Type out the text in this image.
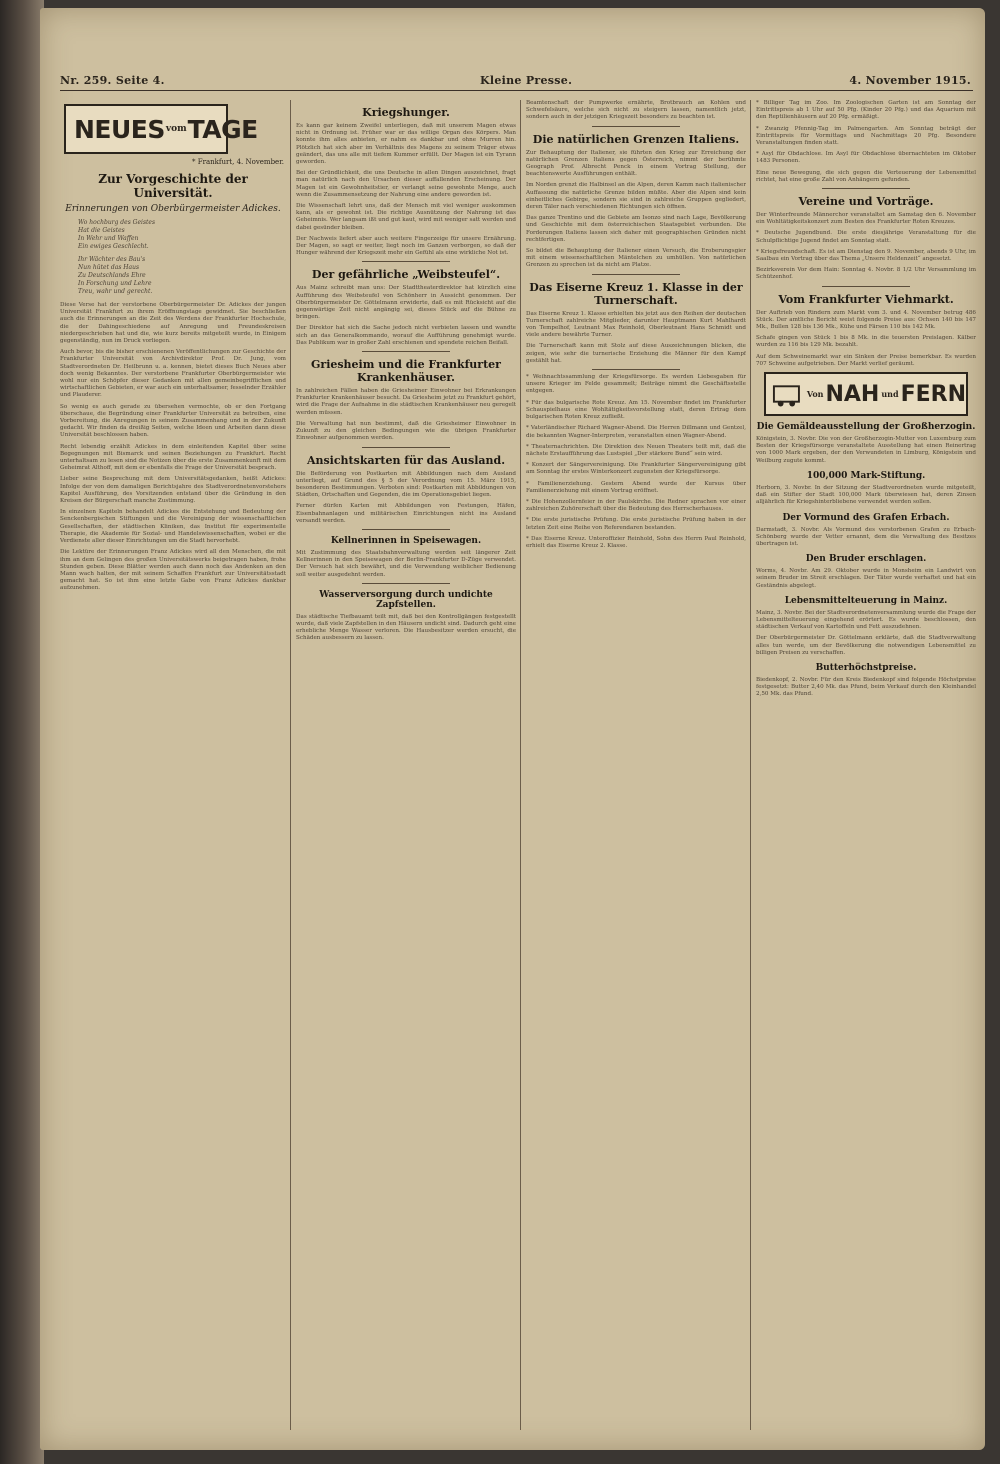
Nr. 259. Seite 4.	Kleine Presse.	4. November 1915.
NEUES vom TAGE
* Frankfurt, 4. November.
Zur Vorgeschichte der Universität.
Erinnerungen von Oberbürgermeister Adickes.
Wo hochburg des Geistes
Hat die Geistes
In Wehr und Waffen
Ein ewiges Geschlecht.
Ihr Wächter des Bau's
Nun hütet das Haus
Zu Deutschlands Ehre
In Forschung und Lehre
Treu, wahr und gerecht.

Diese Verse hat der verstorbene Oberbürgermeister Dr. Adickes der jungen Universität Frankfurt zu ihrem Eröffnungstage gewidmet. Sie beschließen auch die Erinnerungen an die Zeit des Werdens der Frankfurter Hochschule, die der Dahingeschiedene auf Anregung und Freundeskreisen niedergeschrieben hat und die, wie kurz bereits mitgeteilt wurde, in Einigem gegenständig, nun im Druck vorliegen.

Auch bevor, bis die bisher erschienenen Veröffentlichungen zur Geschichte der Frankfurter Universität von Archivdirektor Prof. Dr. Jung, vom Stadtverordneten Dr. Heilbrunn u. a. kennen, bietet dieses Buch Neues aber doch wenig Bekanntes. Der verstorbene Frankfurter Oberbürgermeister wie wohl nur ein Schöpfer dieser Gedanken mit allen gemeinbegrifflichen und wirtschaftlichen Gebieten, er war auch ein unterhaltsamer, fesselnder Erzähler und Plauderer.

So wenig es auch gerade zu übersehen vermochte, ob er den Fortgang überschaue, die Begründung einer Frankfurter Universität zu betreiben, eine Vorbereitung, die Anregungen in seinem Zusammenhang und in der Zukunft gedacht. Wir finden da dreißig Seiten, welche Ideen und Arbeiten dann diese Universität beschlossen haben.

Recht lebendig erzählt Adickes in dem einleitenden Kapitel über seine Begegnungen mit Bismarck und seinen Beziehungen zu Frankfurt. Recht unterhaltsam zu lesen sind die Notizen über die erste Zusammenkunft mit dem Geheimrat Althoff, mit dem er ebenfalls die Frage der Universität besprach.

Lieber seine Besprechung mit dem Universitätsgedanken, heißt Adickes: Infolge der von dem damaligen Berichtsjahre des Stadtverordnetenvorstehers Kapitel Ausführung, des Vorsitzenden entstand über die Gründung in den Kreisen der Bürgerschaft manche Zustimmung.

In einzelnen Kapiteln behandelt Adickes die Entstehung und Bedeutung der Senckenbergischen Stiftungen und die Vereinigung der wissenschaftlichen Gesellschaften, der städtischen Kliniken, das Institut für experimentelle Therapie, die Akademie für Sozial- und Handelswissenschaften, wobei er die Verdienste aller dieser Einrichtungen um die Stadt hervorhebt.

Die Lektüre der Erinnerungen Franz Adickes wird all den Menschen, die mit ihm an dem Gelingen des großen Universitätswerks beigetragen haben, frohe Stunden geben. Diese Blätter werden auch dann noch das Andenken an den Mann wach halten, der mit seinem Schaffen Frankfurt zur Universitätsstadt gemacht hat. So ist ihm eine letzte Gabe von Franz Adickes dankbar aufzunehmen.

Kriegshunger.

Es kann gar keinem Zweifel unterliegen, daß mit unserem Magen etwas nicht in Ordnung ist. Früher war er das willige Organ des Körpers. Man konnte ihm alles anbieten, er nahm es dankbar und ohne Murren hin. Plötzlich hat sich aber im Verhältnis des Magens zu seinem Träger etwas geändert, das uns alle mit tiefem Kummer erfüllt. Der Magen ist ein Tyrann geworden.

Bei der Gründlichkeit, die uns Deutsche in allen Dingen auszeichnet, fragt man natürlich nach den Ursachen dieser auffallenden Erscheinung. Der Magen ist ein Gewohnheitstier, er verlangt seine gewohnte Menge, auch wenn die Zusammensetzung der Nahrung eine andere geworden ist.

Die Wissenschaft lehrt uns, daß der Mensch mit viel weniger auskommen kann, als er gewohnt ist. Die richtige Ausnützung der Nahrung ist das Geheimnis. Wer langsam ißt und gut kaut, wird mit weniger satt werden und dabei gesünder bleiben.

Der Nachweis liefert aber auch weitere Fingerzeige für unsere Ernährung. Der Magen, so sagt er weiter, liegt noch im Ganzen verborgen, so daß der Hunger während der Kriegszeit mehr ein Gefühl als eine wirkliche Not ist.

Der gefährliche „Weibsteufel“.

Aus Mainz schreibt man uns: Der Stadttheaterdirektor hat kürzlich eine Aufführung des Weibsteufel von Schönherr in Aussicht genommen. Der Oberbürgermeister Dr. Göttelmann erwiderte, daß es mit Rücksicht auf die gegenwärtige Zeit nicht angängig sei, dieses Stück auf die Bühne zu bringen.

Der Direktor hat sich die Sache jedoch nicht verbieten lassen und wandte sich an das Generalkommando, worauf die Aufführung genehmigt wurde. Das Publikum war in großer Zahl erschienen und spendete reichen Beifall.

Griesheim und die Frankfurter Krankenhäuser.

In zahlreichen Fällen haben die Griesheimer Einwohner bei Erkrankungen Frankfurter Krankenhäuser besucht. Da Griesheim jetzt zu Frankfurt gehört, wird die Frage der Aufnahme in die städtischen Krankenhäuser neu geregelt werden müssen.

Die Verwaltung hat nun bestimmt, daß die Griesheimer Einwohner in Zukunft zu den gleichen Bedingungen wie die übrigen Frankfurter Einwohner aufgenommen werden.

Ansichtskarten für das Ausland.

Die Beförderung von Postkarten mit Abbildungen nach dem Ausland unterliegt, auf Grund des § 5 der Verordnung vom 15. März 1915, besonderen Bestimmungen. Verboten sind: Postkarten mit Abbildungen von Städten, Ortschaften und Gegenden, die im Operationsgebiet liegen.

Ferner dürfen Karten mit Abbildungen von Festungen, Häfen, Eisenbahnanlagen und militärischen Einrichtungen nicht ins Ausland versandt werden.

Kellnerinnen in Speisewagen.

Mit Zustimmung des Staatsbahnverwaltung werden seit längerer Zeit Kellnerinnen in den Speisewagen der Berlin-Frankfurter D-Züge verwendet. Der Versuch hat sich bewährt, und die Verwendung weiblicher Bedienung soll weiter ausgedehnt werden.

Wasserversorgung durch undichte Zapfstellen.

Das städtische Tiefbauamt teilt mit, daß bei den Kontrollgängen festgestellt wurde, daß viele Zapfstellen in den Häusern undicht sind. Dadurch geht eine erhebliche Menge Wasser verloren. Die Hausbesitzer werden ersucht, die Schäden ausbessern zu lassen.

Beamtenschaft der Pumpwerke ernährte, Brotbrauch an Kohlen und Schwefelsäure, welche sich nicht zu steigern lassen, namentlich jetzt, sondern auch in der jetzigen Kriegszeit besonders zu beachten ist.

Die natürlichen Grenzen Italiens.

Zur Behauptung der Italiener, sie führten den Krieg zur Erreichung der natürlichen Grenzen Italiens gegen Österreich, nimmt der berühmte Geograph Prof. Albrecht Penck in einem Vortrag Stellung, der beachtenswerte Ausführungen enthält.

Im Norden grenzt die Halbinsel an die Alpen, deren Kamm nach italienischer Auffassung die natürliche Grenze bilden müßte. Aber die Alpen sind kein einheitliches Gebirge, sondern sie sind in zahlreiche Gruppen gegliedert, deren Täler nach verschiedenen Richtungen sich öffnen.

Das ganze Trentino und die Gebiete am Isonzo sind nach Lage, Bevölkerung und Geschichte mit dem österreichischen Staatsgebiet verbunden. Die Forderungen Italiens lassen sich daher mit geographischen Gründen nicht rechtfertigen.

So bildet die Behauptung der Italiener einen Versuch, die Eroberungsgier mit einem wissenschaftlichen Mäntelchen zu umhüllen. Von natürlichen Grenzen zu sprechen ist da nicht am Platze.

Das Eiserne Kreuz 1. Klasse in der Turnerschaft.

Das Eiserne Kreuz 1. Klasse erhielten bis jetzt aus den Reihen der deutschen Turnerschaft zahlreiche Mitglieder, darunter Hauptmann Kurt Mahlhardt von Tempelhof, Leutnant Max Reinhold, Oberleutnant Hans Schmidt und viele andere bewährte Turner.

Die Turnerschaft kann mit Stolz auf diese Auszeichnungen blicken, die zeigen, wie sehr die turnerische Erziehung die Männer für den Kampf gestählt hat.

* Weihnachtssammlung der Kriegsfürsorge. Es werden Liebesgaben für unsere Krieger im Felde gesammelt; Beiträge nimmt die Geschäftsstelle entgegen.

* Für das bulgarische Rote Kreuz. Am 15. November findet im Frankfurter Schauspielhaus eine Wohltätigkeitsvorstellung statt, deren Ertrag dem bulgarischen Roten Kreuz zufließt.

* Vaterländischer Richard Wagner-Abend. Die Herren Dillmann und Gentzel, die bekannten Wagner-Interpreten, veranstalten einen Wagner-Abend.

* Theaternachrichten. Die Direktion des Neuen Theaters teilt mit, daß die nächste Erstaufführung das Lustspiel „Der stärkere Bund“ sein wird.

* Konzert der Sängervereinigung. Die Frankfurter Sängervereinigung gibt am Sonntag ihr erstes Winterkonzert zugunsten der Kriegsfürsorge.

* Familienerziehung. Gestern Abend wurde der Kursus über Familienerziehung mit einem Vortrag eröffnet.

* Die Hohenzollernfeier in der Paulskirche. Die Redner sprachen vor einer zahlreichen Zuhörerschaft über die Bedeutung des Herrscherhauses.

* Die erste juristische Prüfung. Die erste juristische Prüfung haben in der letzten Zeit eine Reihe von Referendaren bestanden.

* Das Eiserne Kreuz. Unteroffizier Reinhold, Sohn des Herrn Paul Reinhold, erhielt das Eiserne Kreuz 2. Klasse.

* Billiger Tag im Zoo. Im Zoologischen Garten ist am Sonntag der Eintrittspreis ab 1 Uhr auf 50 Pfg. (Kinder 20 Pfg.) und das Aquarium mit den Reptilienhäusern auf 20 Pfg. ermäßigt.

* Zwanzig Pfennig-Tag im Palmengarten. Am Sonntag beträgt der Eintrittspreis für Vormittags und Nachmittags 20 Pfg. Besondere Veranstaltungen finden statt.

* Asyl für Obdachlose. Im Asyl für Obdachlose übernachteten im Oktober 1483 Personen.

Eine neue Bewegung, die sich gegen die Verteuerung der Lebensmittel richtet, hat eine große Zahl von Anhängern gefunden.

Vereine und Vorträge.

Der Winterfreunde Männerchor veranstaltet am Samstag den 6. November ein Wohltätigkeitskonzert zum Besten des Frankfurter Roten Kreuzes.

* Deutsche Jugendbund. Die erste diesjährige Veranstaltung für die Schulpflichtige Jugend findet am Sonntag statt.

* Kriegsfreundschaft. Es ist am Dienstag den 9. November, abends 9 Uhr, im Saalbau ein Vortrag über das Thema „Unsere Heldenzeit“ angesetzt.

Bezirksverein Vor dem Hain: Sonntag 4. Novbr. 8 1/2 Uhr Versammlung im Schützenhof.

Vom Frankfurter Viehmarkt.

Der Auftrieb von Rindern zum Markt vom 3. und 4. November betrug 486 Stück. Der amtliche Bericht weist folgende Preise aus: Ochsen 140 bis 147 Mk., Bullen 128 bis 136 Mk., Kühe und Färsen 110 bis 142 Mk.

Schafe gingen von Stück 1 bis 8 Mk. in die teuersten Preislagen. Kälber wurden zu 116 bis 129 Mk. bezahlt.

Auf dem Schweinemarkt war ein Sinken der Preise bemerkbar. Es wurden 707 Schweine aufgetrieben. Der Markt verlief geräumt.

Von NAH und FERN
Die Gemäldeausstellung der Großherzogin.

Königstein, 3. Novbr. Die von der Großherzogin-Mutter von Luxemburg zum Besten der Kriegsfürsorge veranstaltete Ausstellung hat einen Reinertrag von 1000 Mark ergeben, der den Verwundeten in Limburg, Königstein und Weilburg zugute kommt.

100,000 Mark-Stiftung.

Herborn, 3. Novbr. In der Sitzung der Stadtverordneten wurde mitgeteilt, daß ein Stifter der Stadt 100,000 Mark überwiesen hat, deren Zinsen alljährlich für Kriegshinterbliebene verwendet werden sollen.

Der Vormund des Grafen Erbach.

Darmstadt, 3. Novbr. Als Vormund des verstorbenen Grafen zu Erbach-Schönberg wurde der Vetter ernannt, dem die Verwaltung des Besitzes übertragen ist.

Den Bruder erschlagen.

Worms, 4. Novbr. Am 29. Oktober wurde in Monsheim ein Landwirt von seinem Bruder im Streit erschlagen. Der Täter wurde verhaftet und hat ein Geständnis abgelegt.

Lebensmittelteuerung in Mainz.

Mainz, 3. Novbr. Bei der Stadtverordnetenversammlung wurde die Frage der Lebensmittelteuerung eingehend erörtert. Es wurde beschlossen, den städtischen Verkauf von Kartoffeln und Fett auszudehnen.

Der Oberbürgermeister Dr. Göttelmann erklärte, daß die Stadtverwaltung alles tun werde, um der Bevölkerung die notwendigen Lebensmittel zu billigen Preisen zu verschaffen.

Butterhöchstpreise.

Biedenkopf, 2. Novbr. Für den Kreis Biedenkopf sind folgende Höchstpreise festgesetzt: Butter 2,40 Mk. das Pfund, beim Verkauf durch den Kleinhandel 2,50 Mk. das Pfund.
